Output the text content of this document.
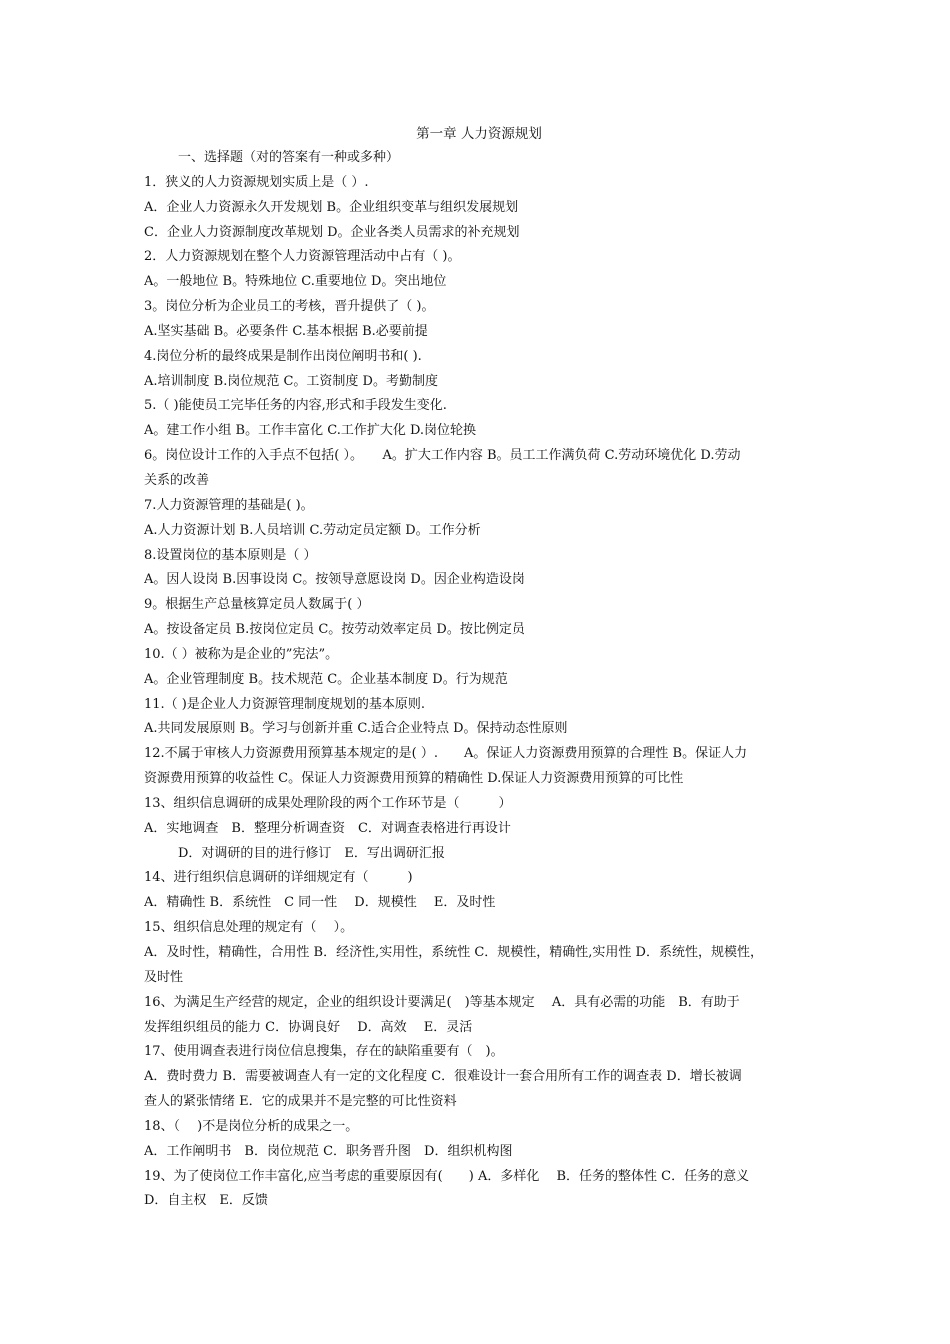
第一章 人力资源规划
一、选择题（对的答案有一种或多种）
1．狭义的人力资源规划实质上是（ ）.
A．企业人力资源永久开发规划 B。企业组织变革与组织发展规划
C．企业人力资源制度改革规划 D。企业各类人员需求的补充规划
2．人力资源规划在整个人力资源管理活动中占有（ )。
A。一般地位 B。特殊地位 C.重要地位 D。突出地位
3。岗位分析为企业员工的考核，晋升提供了（ )。
A.坚实基础 B。必要条件 C.基本根据 B.必要前提
4.岗位分析的最终成果是制作出岗位阐明书和( ).
A.培训制度 B.岗位规范 C。工资制度 D。考勤制度
5.（ )能使员工完毕任务的内容,形式和手段发生变化.
A。建工作小组 B。工作丰富化 C.工作扩大化 D.岗位轮换
6。岗位设计工作的入手点不包括( ）。　　A。扩大工作内容 B。员工工作满负荷 C.劳动环境优化 D.劳动
关系的改善
7.人力资源管理的基础是( )。
A.人力资源计划 B.人员培训 C.劳动定员定额 D。工作分析
8.设置岗位的基本原则是（ ）
A。因人设岗 B.因事设岗 C。按领导意愿设岗 D。因企业构造设岗
9。根据生产总量核算定员人数属于( ）
A。按设备定员 B.按岗位定员 C。按劳动效率定员 D。按比例定员
10.（ ）被称为是企业的”宪法”。
A。企业管理制度 B。技术规范 C。企业基本制度 D。行为规范
11.（ )是企业人力资源管理制度规划的基本原则.
A.共同发展原则 B。学习与创新并重 C.适合企业特点 D。保持动态性原则
12.不属于审核人力资源费用预算基本规定的是( ）.　　A。保证人力资源费用预算的合理性 B。保证人力
资源费用预算的收益性 C。保证人力资源费用预算的精确性 D.保证人力资源费用预算的可比性
13、组织信息调研的成果处理阶段的两个工作环节是（　　　）
A．实地调查　B．整理分析调查资　C．对调查表格进行再设计
D．对调研的目的进行修订　E．写出调研汇报
14、进行组织信息调研的详细规定有（　　　)
A．精确性 B．系统性　C 同一性　 D．规模性　 E．及时性
15、组织信息处理的规定有（　 ）。
A．及时性，精确性，合用性 B．经济性,实用性，系统性 C．规模性，精确性,实用性 D．系统性，规模性，
及时性
16、为满足生产经营的规定，企业的组织设计要满足(　)等基本规定　 A．具有必需的功能　B．有助于
发挥组织组员的能力 C．协调良好　 D．高效　 E．灵活
17、使用调查表进行岗位信息搜集，存在的缺陷重要有（　)。
A．费时费力 B．需要被调查人有一定的文化程度 C．很难设计一套合用所有工作的调查表 D．增长被调
查人的紧张情绪 E．它的成果并不是完整的可比性资料
18、（　 )不是岗位分析的成果之一。
A．工作阐明书　B．岗位规范 C．职务晋升图　D．组织机构图
19、为了使岗位工作丰富化,应当考虑的重要原因有(　　) A．多样化　 B．任务的整体性 C．任务的意义
D．自主权　E．反馈
